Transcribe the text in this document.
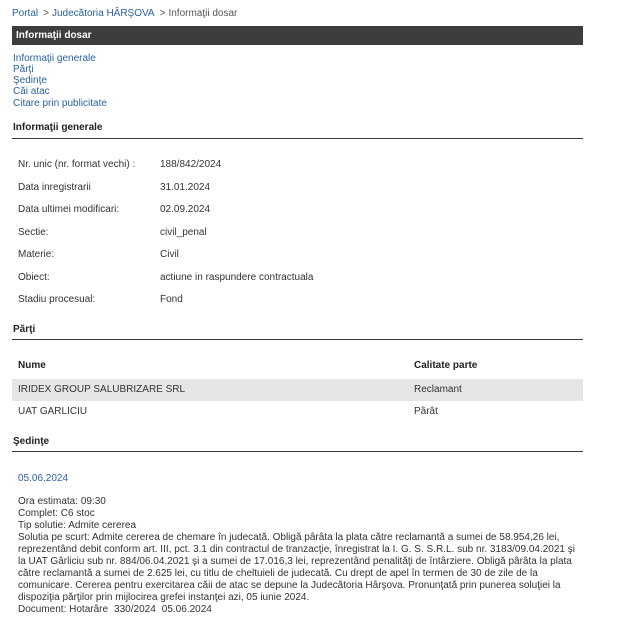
Portal > Judecătoria HÂRŞOVA > Informaţii dosar
Informaţii dosar
Informaţii generale
Părţi
Şedinţe
Căi atac
Citare prin publicitate
Informaţii generale
Nr. unic (nr. format vechi) : 188/842/2024
Data inregistrarii	31.01.2024
Data ultimei modificari:	02.09.2024
Sectie:	civil_penal
Materie:	Civil
Obiect:	actiune in raspundere contractuala
Stadiu procesual:	Fond
Părţi
Nume	Calitate parte
IRIDEX GROUP SALUBRIZARE SRL	Reclamant
UAT GARLICIU	Pârât
Şedinţe
05.06.2024
Ora estimata: 09:30
Complet: C6 stoc
Tip solutie: Admite cererea
Solutia pe scurt: Admite cererea de chemare în judecată. Obligă pârâta la plata către reclamantă a sumei de 58.954,26 lei, reprezentând debit conform art. III, pct. 3.1 din contractul de tranzacţie, înregistrat la I. G. S. S.R.L. sub nr. 3183/09.04.2021 şi la UAT Gârliciu sub nr. 884/06.04.2021 şi a sumei de 17.016,3 lei, reprezentând penalităţi de întârziere. Obligă pârâta la plata către reclamantă a sumei de 2.625 lei, cu titlu de cheltuieli de judecată. Cu drept de apel în termen de 30 de zile de la comunicare. Cererea pentru exercitarea căii de atac se depune la Judecătoria Hârşova. Pronunţată prin punerea soluţiei la dispoziţia părţilor prin mijlocirea grefei instanţei azi, 05 iunie 2024.
Document: Hotarâre 330/2024 05.06.2024
